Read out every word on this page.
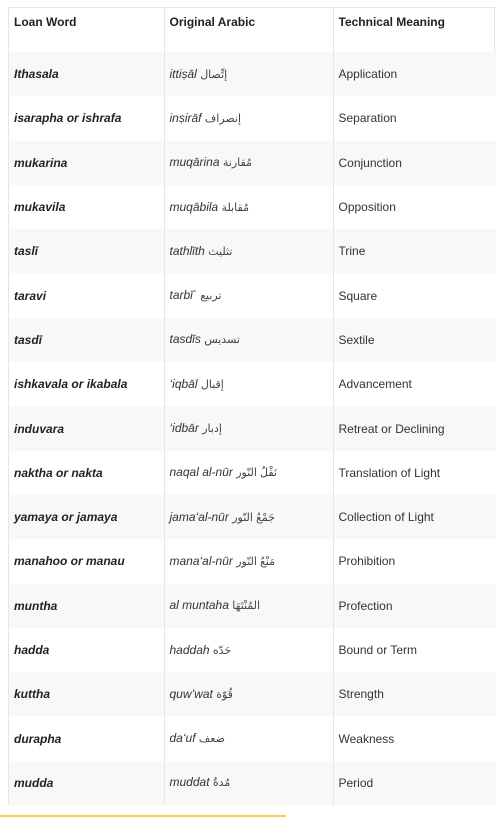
Loan Word	Original Arabic	Technical Meaning
Ithasala	ittiṣāl إتِّصال	Application
isarapha or ishrafa	inṣirāf إنصراف	Separation
mukarina	muqārina مُقارنة	Conjunction
mukavila	muqābila مُقابلة	Opposition
taslī	tathlīth تثليث	Trine
taravi	tarbī` تربيع	Square
tasdī	tasdīs تسديس	Sextile
ishkavala or ikabala	‘iqbāl إقبال	Advancement
induvara	‘idbār إدبار	Retreat or Declining
naktha or nakta	naqal al-nūr نَقْلُ النّور	Translation of Light
yamaya or jamaya	jama‘al-nūr جَمْعُ النّور	Collection of Light
manahoo or manau	mana‘al-nūr مَنْعُ النّور	Prohibition
muntha	al muntaha المُنْتَهَا	Profection
hadda	haddah حَدّه	Bound or Term
kuttha	quw’wat قُوّة	Strength
durapha	da‘uf ضعف	Weakness
mudda	muddat مُدةُ	Period
